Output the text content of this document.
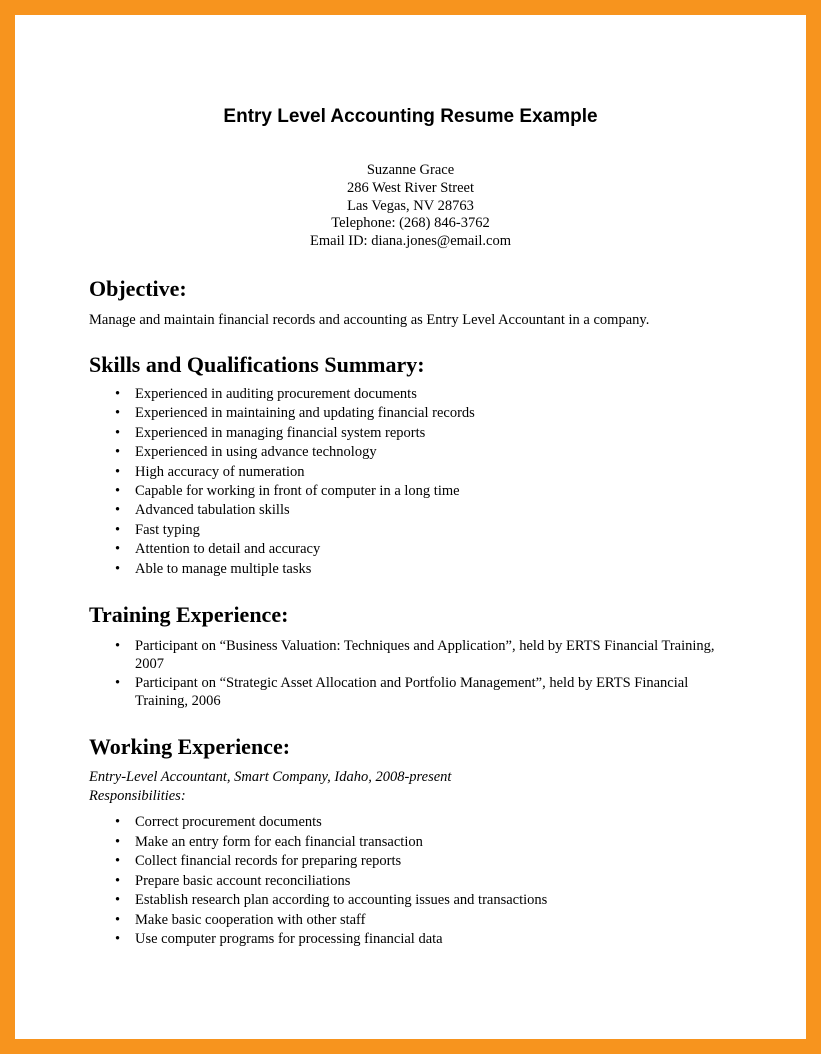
Entry Level Accounting Resume Example
Suzanne Grace
286 West River Street
Las Vegas, NV 28763
Telephone: (268) 846-3762
Email ID: diana.jones@email.com
Objective:
Manage and maintain financial records and accounting as Entry Level Accountant in a company.
Skills and Qualifications Summary:
• Experienced in auditing procurement documents
• Experienced in maintaining and updating financial records
• Experienced in managing financial system reports
• Experienced in using advance technology
• High accuracy of numeration
• Capable for working in front of computer in a long time
• Advanced tabulation skills
• Fast typing
• Attention to detail and accuracy
• Able to manage multiple tasks
Training Experience:
• Participant on “Business Valuation: Techniques and Application”, held by ERTS Financial Training, 2007
• Participant on “Strategic Asset Allocation and Portfolio Management”, held by ERTS Financial Training, 2006
Working Experience:
Entry-Level Accountant, Smart Company, Idaho, 2008-present
Responsibilities:
• Correct procurement documents
• Make an entry form for each financial transaction
• Collect financial records for preparing reports
• Prepare basic account reconciliations
• Establish research plan according to accounting issues and transactions
• Make basic cooperation with other staff
• Use computer programs for processing financial data
